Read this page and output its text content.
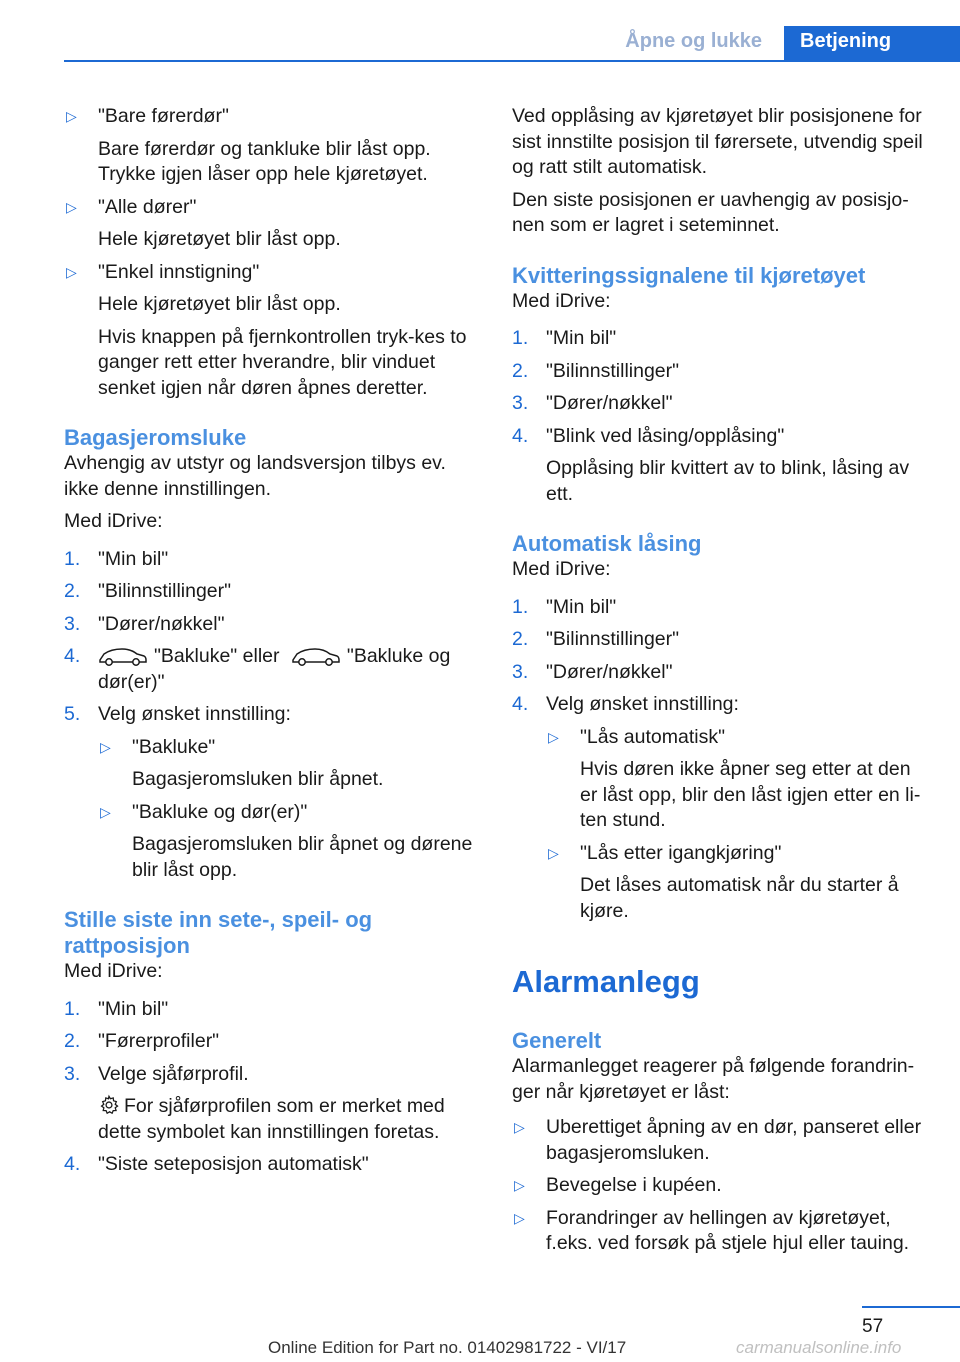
Åpne og lukke	Betjening
▷	"Bare førerdør"
Bare førerdør og tankluke blir låst opp. Trykke igjen låser opp hele kjøretøyet.
▷	"Alle dører"
Hele kjøretøyet blir låst opp.
▷	"Enkel innstigning"
Hele kjøretøyet blir låst opp.
Hvis knappen på fjernkontrollen tryk-kes to ganger rett etter hverandre, blir vinduet senket igjen når døren åpnes deretter.
Bagasjeromsluke

Avhengig av utstyr og landsversjon tilbys ev. ikke denne innstillingen.

Med iDrive:

1. "Min bil"
2. "Bilinnstillinger"
3. "Dører/nøkkel"
4.	"Bakluke" eller	"Bakluke og dør(er)"
5. Velg ønsket innstilling:
▷	"Bakluke"
Bagasjeromsluken blir åpnet.
▷	"Bakluke og dør(er)"
Bagasjeromsluken blir åpnet og dørene blir låst opp.
Stille siste inn sete-, speil- og rattposisjon

Med iDrive:

1. "Min bil"
2. "Førerprofiler"
3. Velge sjåførprofil.
For sjåførprofilen som er merket med dette symbolet kan innstillingen foretas.
4. "Siste seteposisjon automatisk"

Ved opplåsing av kjøretøyet blir posisjonene for sist innstilte posisjon til førersete, utvendig speil og ratt stilt automatisk.

Den siste posisjonen er uavhengig av posisjo-nen som er lagret i seteminnet.

Kvitteringssignalene til kjøretøyet

Med iDrive:

1. "Min bil"
2. "Bilinnstillinger"
3. "Dører/nøkkel"
4. "Blink ved låsing/opplåsing"
Opplåsing blir kvittert av to blink, låsing av ett.
Automatisk låsing

Med iDrive:

1. "Min bil"
2. "Bilinnstillinger"
3. "Dører/nøkkel"
4. Velg ønsket innstilling:
▷	"Lås automatisk"
Hvis døren ikke åpner seg etter at den er låst opp, blir den låst igjen etter en li-ten stund.
▷	"Lås etter igangkjøring"
Det låses automatisk når du starter å kjøre.
Alarmanlegg
Generelt

Alarmanlegget reagerer på følgende forandrin-ger når kjøretøyet er låst:

▷	Uberettiget åpning av en dør, panseret eller bagasjeromsluken.
▷	Bevegelse i kupéen.
▷	Forandringer av hellingen av kjøretøyet, f.eks. ved forsøk på stjele hjul eller tauing.
57
Online Edition for Part no. 01402981722 - VI/17	carmanualsonline.info
